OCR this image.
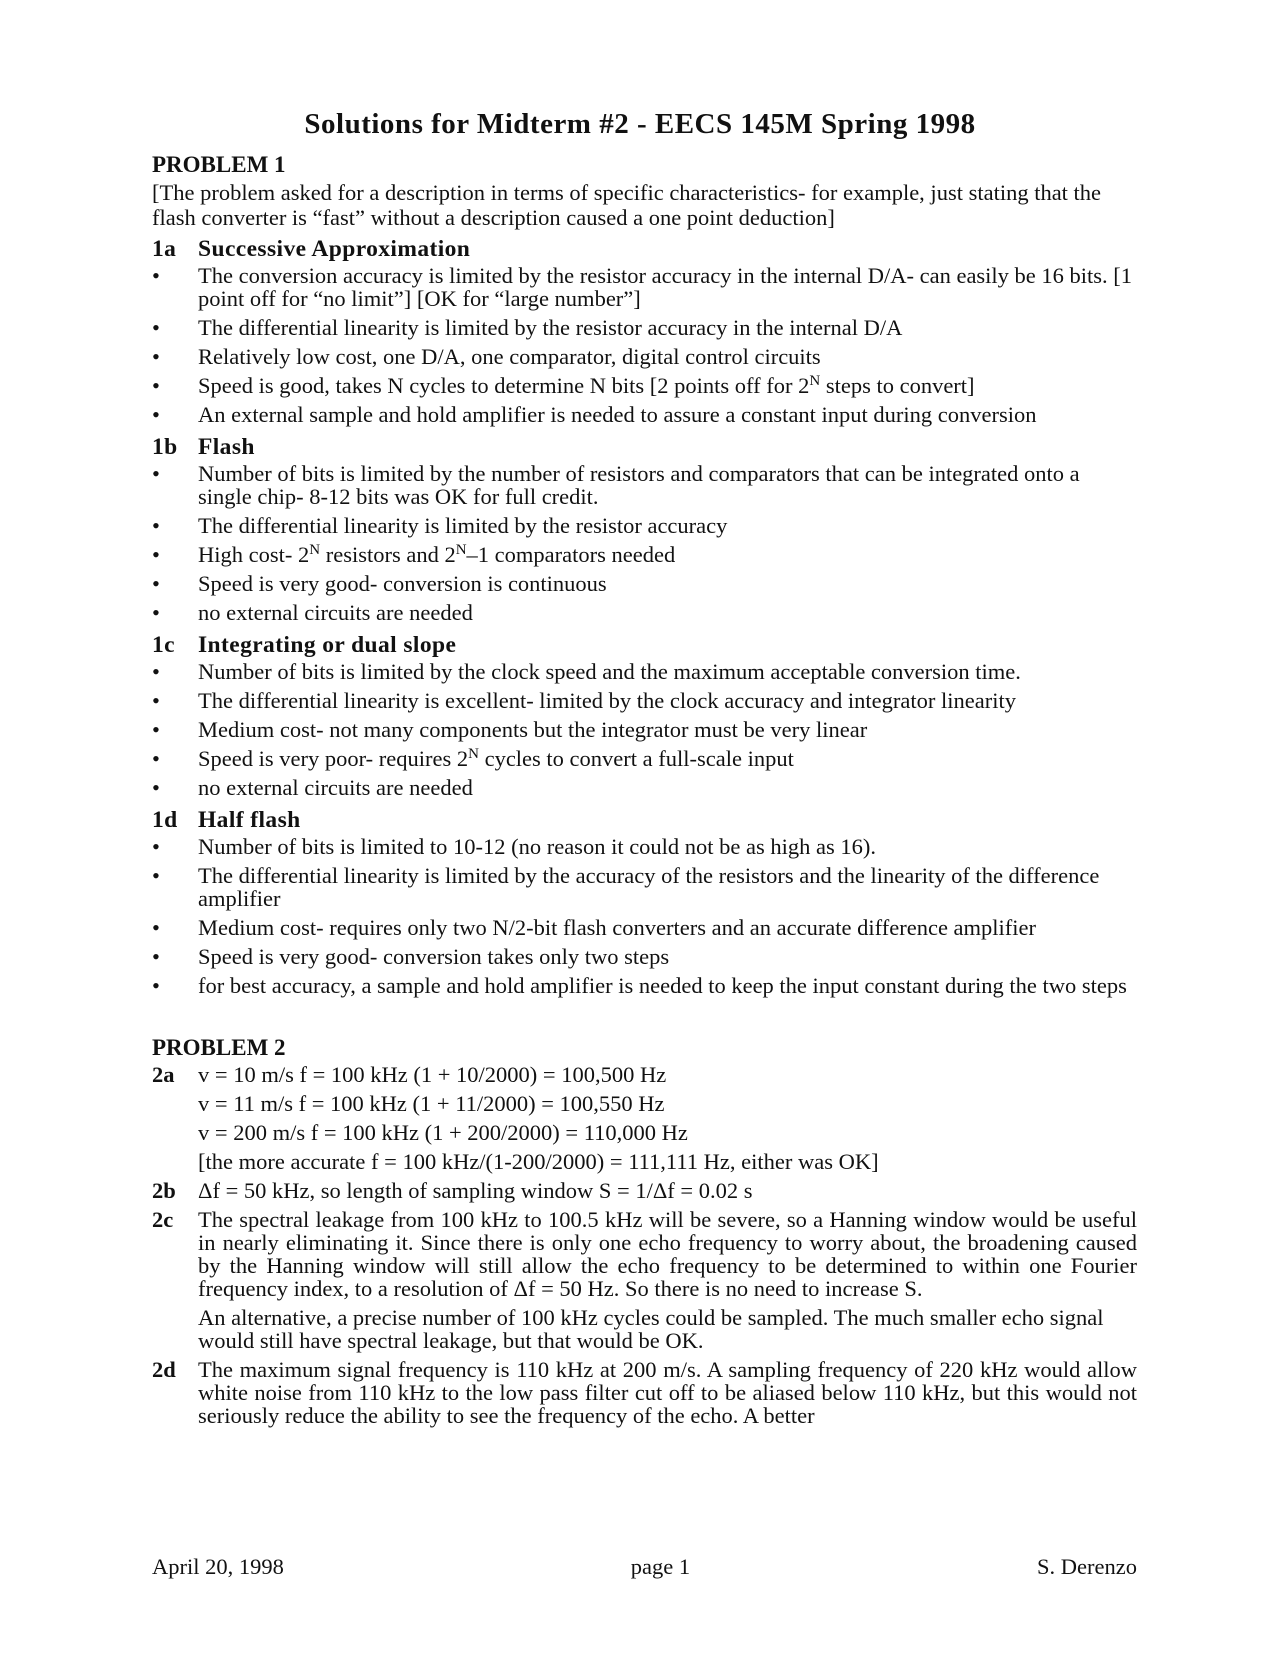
Solutions for Midterm #2 - EECS 145M Spring 1998
PROBLEM 1
[The problem asked for a description in terms of specific characteristics- for example, just stating that the flash converter is “fast” without a description caused a one point deduction]
1a Successive Approximation
•	The conversion accuracy is limited by the resistor accuracy in the internal D/A- can easily be 16 bits. [1 point off for “no limit”] [OK for “large number”]
•	The differential linearity is limited by the resistor accuracy in the internal D/A
•	Relatively low cost, one D/A, one comparator, digital control circuits
•	Speed is good, takes N cycles to determine N bits [2 points off for $2^N$ steps to convert]
•	An external sample and hold amplifier is needed to assure a constant input during conversion
1b Flash
•	Number of bits is limited by the number of resistors and comparators that can be integrated onto a single chip- 8-12 bits was OK for full credit.
•	The differential linearity is limited by the resistor accuracy
•	High cost- $2^N$ resistors and $2^N-1$ comparators needed
•	Speed is very good- conversion is continuous
•	no external circuits are needed
1c Integrating or dual slope
•	Number of bits is limited by the clock speed and the maximum acceptable conversion time.
•	The differential linearity is excellent- limited by the clock accuracy and integrator linearity
•	Medium cost- not many components but the integrator must be very linear
•	Speed is very poor- requires $2^N$ cycles to convert a full-scale input
•	no external circuits are needed
1d Half flash
•	Number of bits is limited to 10-12 (no reason it could not be as high as 16).
•	The differential linearity is limited by the accuracy of the resistors and the linearity of the difference amplifier
•	Medium cost- requires only two N/2-bit flash converters and an accurate difference amplifier
•	Speed is very good- conversion takes only two steps
•	for best accuracy, a sample and hold amplifier is needed to keep the input constant during the two steps
PROBLEM 2
2a	v = 10 m/s f = 100 kHz (1 + 10/2000) = 100,500 Hz
v = 11 m/s f = 100 kHz (1 + 11/2000) = 100,550 Hz
v = 200 m/s f = 100 kHz (1 + 200/2000) = 110,000 Hz
[the more accurate f = 100 kHz/(1-200/2000) = 111,111 Hz, either was OK]
2b Δf = 50 kHz, so length of sampling window S = 1/Δf = 0.02 s
2c	The spectral leakage from 100 kHz to 100.5 kHz will be severe, so a Hanning window would be useful in nearly eliminating it. Since there is only one echo frequency to worry about, the broadening caused by the Hanning window will still allow the echo frequency to be determined to within one Fourier frequency index, to a resolution of Δf = 50 Hz. So there is no need to increase S.
An alternative, a precise number of 100 kHz cycles could be sampled. The much smaller echo signal would still have spectral leakage, but that would be OK.
2d The maximum signal frequency is 110 kHz at 200 m/s. A sampling frequency of 220 kHz would allow white noise from 110 kHz to the low pass filter cut off to be aliased below 110 kHz, but this would not seriously reduce the ability to see the frequency of the echo. A better
April 20, 1998	page 1	S. Derenzo
